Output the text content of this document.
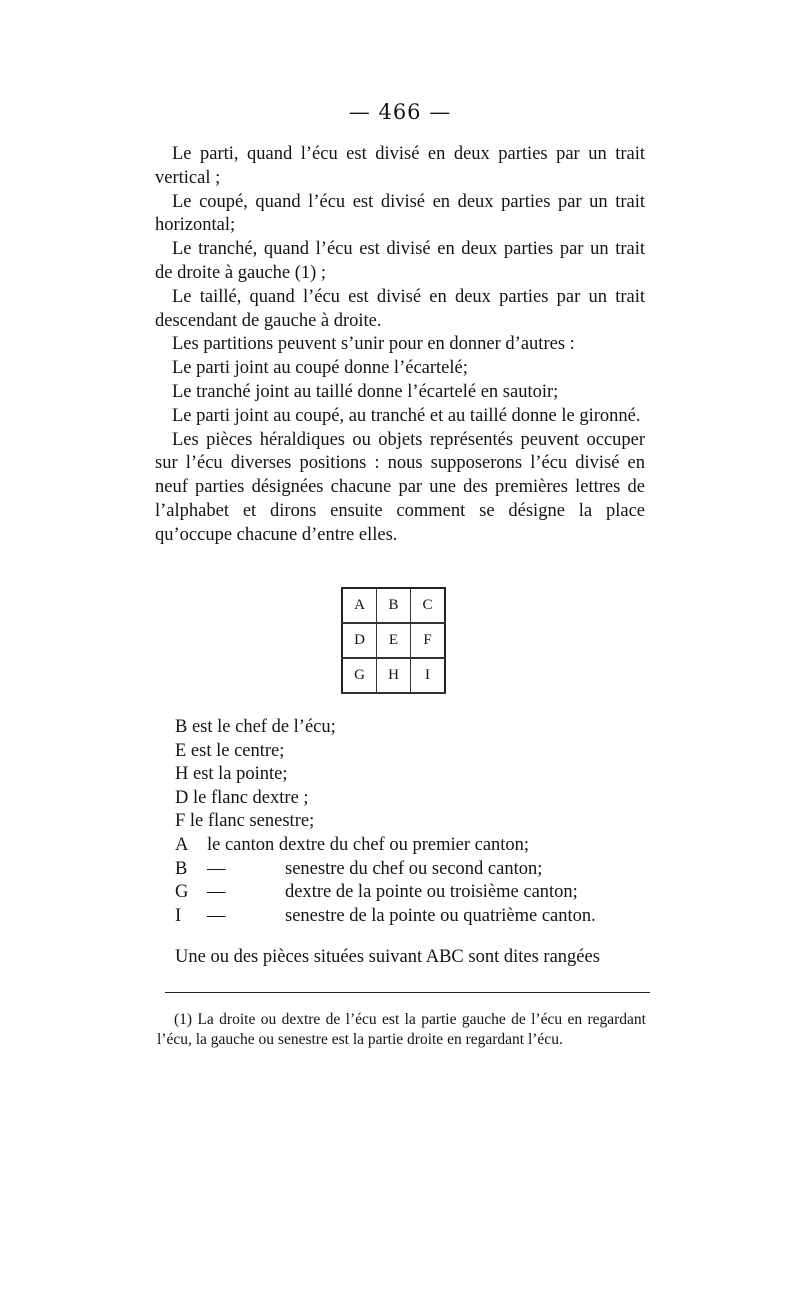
— 466 —

Le parti, quand l’écu est divisé en deux parties par un trait vertical ;

Le coupé, quand l’écu est divisé en deux parties par un trait horizontal;

Le tranché, quand l’écu est divisé en deux parties par un trait de droite à gauche (1) ;

Le taillé, quand l’écu est divisé en deux parties par un trait descendant de gauche à droite.

Les partitions peuvent s’unir pour en donner d’autres :

Le parti joint au coupé donne l’écartelé;

Le tranché joint au taillé donne l’écartelé en sautoir;

Le parti joint au coupé, au tranché et au taillé donne le gironné.

Les pièces héraldiques ou objets représentés peuvent occuper sur l’écu diverses positions : nous supposerons l’écu divisé en neuf parties désignées chacune par une des premières lettres de l’alphabet et dirons ensuite comment se désigne la place qu’occupe chacune d’entre elles.

A	B	C
D	E	F
G	H	I
B est le chef de l’écu;
E est le centre;
H est la pointe;
D le flanc dextre ;
F le flanc senestre;
A le canton dextre du chef ou premier canton;
B —	senestre du chef ou second canton;
G —	dextre de la pointe ou troisième canton;
I —	senestre de la pointe ou quatrième canton.
Une ou des pièces situées suivant ABC sont dites rangées

(1) La droite ou dextre de l’écu est la partie gauche de l’écu en regardant l’écu, la gauche ou senestre est la partie droite en regardant l’écu.
